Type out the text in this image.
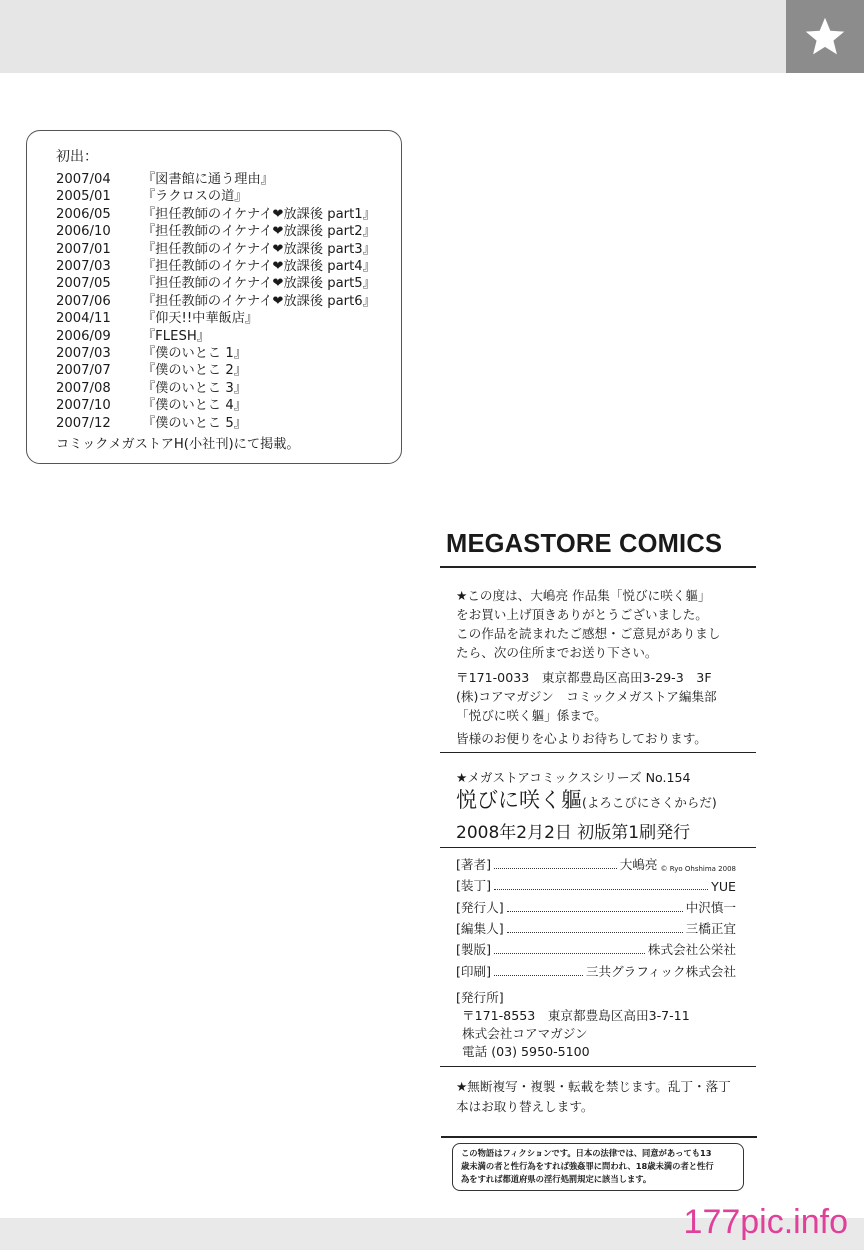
初出：
2007/04 『図書館に通う理由』
2005/01 『ラクロスの道』
2006/05 『担任教師のイケナイ❤放課後 part1』
2006/10 『担任教師のイケナイ❤放課後 part2』
2007/01 『担任教師のイケナイ❤放課後 part3』
2007/03 『担任教師のイケナイ❤放課後 part4』
2007/05 『担任教師のイケナイ❤放課後 part5』
2007/06 『担任教師のイケナイ❤放課後 part6』
2004/11 『仰天!!中華飯店』
2006/09 『FLESH』
2007/03 『僕のいとこ 1』
2007/07 『僕のいとこ 2』
2007/08 『僕のいとこ 3』
2007/10 『僕のいとこ 4』
2007/12 『僕のいとこ 5』
コミックメガストアH(小社刊)にて掲載。
MEGASTORE COMICS
★この度は、大嶋亮 作品集「悦びに咲く軀」
をお買い上げ頂きありがとうございました。
この作品を読まれたご感想・ご意見がありまし
たら、次の住所までお送り下さい。
〒171-0033　東京都豊島区高田3-29-3　3F
(株)コアマガジン　コミックメガストア編集部
「悦びに咲く軀」係まで。
皆様のお便りを心よりお待ちしております。
★メガストアコミックスシリーズ No.154
悦びに咲く軀(よろこびにさくからだ)
2008年2月2日 初版第1刷発行
[著者]	大嶋亮 © Ryo Ohshima 2008
[装丁]	YUE
[発行人]	中沢慎一
[編集人]	三橋正宜
[製版]	株式会社公栄社
[印刷]	三共グラフィック株式会社
[発行所]
〒171-8553　東京都豊島区高田3-7-11
株式会社コアマガジン
電話 (03) 5950-5100
★無断複写・複製・転載を禁じます。乱丁・落丁
本はお取り替えします。
この物語はフィクションです。日本の法律では、同意があっても13
歳未満の者と性行為をすれば強姦罪に問われ、18歳未満の者と性行
為をすれば都道府県の淫行処罰規定に該当します。
177pic.info
